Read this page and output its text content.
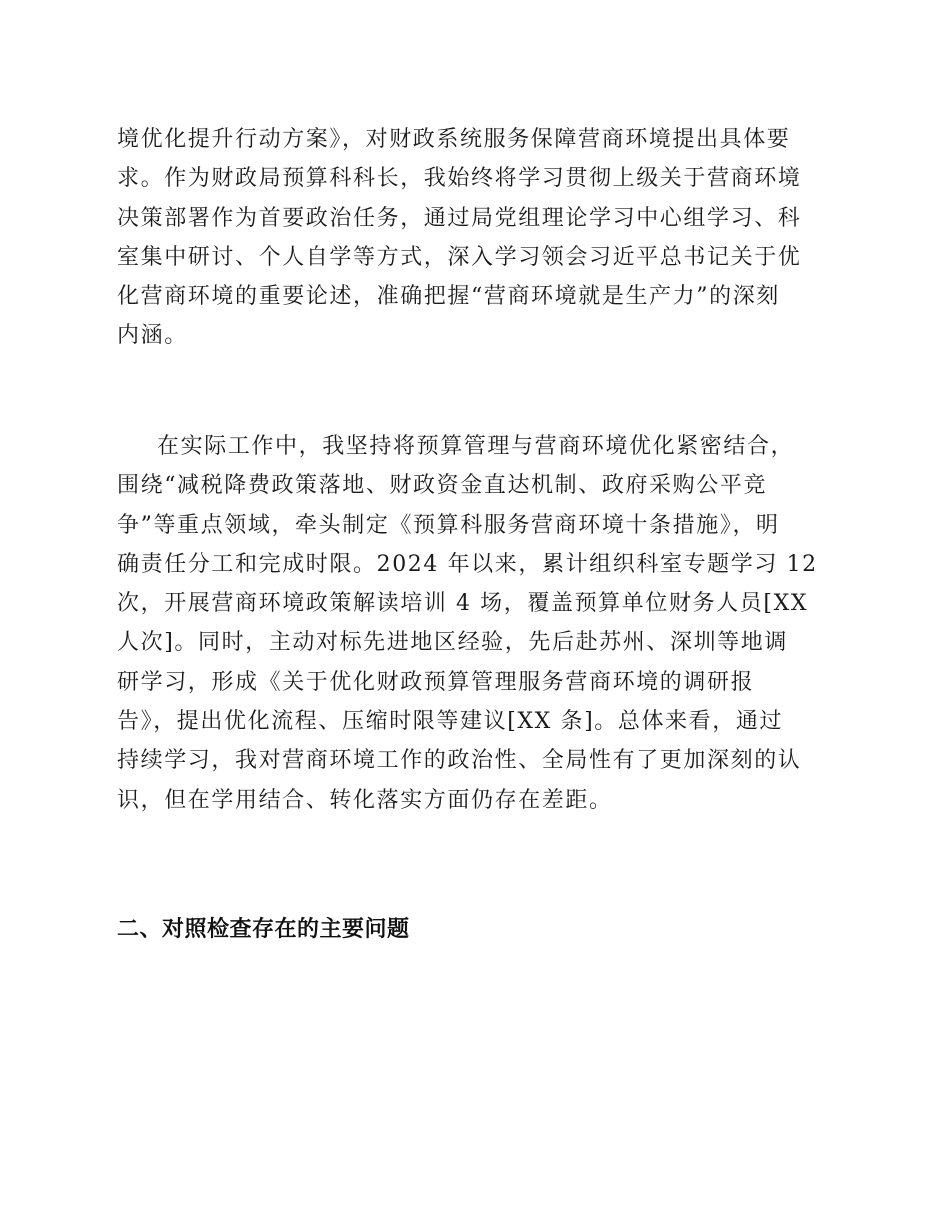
境优化提升行动方案》，对财政系统服务保障营商环境提出具体要
求。作为财政局预算科科长，我始终将学习贯彻上级关于营商环境
决策部署作为首要政治任务，通过局党组理论学习中心组学习、科
室集中研讨、个人自学等方式，深入学习领会习近平总书记关于优
化营商环境的重要论述，准确把握“营商环境就是生产力”的深刻
内涵。

在实际工作中，我坚持将预算管理与营商环境优化紧密结合，
围绕“减税降费政策落地、财政资金直达机制、政府采购公平竞
争”等重点领域，牵头制定《预算科服务营商环境十条措施》，明
确责任分工和完成时限。2024 年以来，累计组织科室专题学习 12
次，开展营商环境政策解读培训 4 场，覆盖预算单位财务人员[XX
人次]。同时，主动对标先进地区经验，先后赴苏州、深圳等地调
研学习，形成《关于优化财政预算管理服务营商环境的调研报
告》，提出优化流程、压缩时限等建议[XX 条]。总体来看，通过
持续学习，我对营商环境工作的政治性、全局性有了更加深刻的认
识，但在学用结合、转化落实方面仍存在差距。

二、对照检查存在的主要问题
